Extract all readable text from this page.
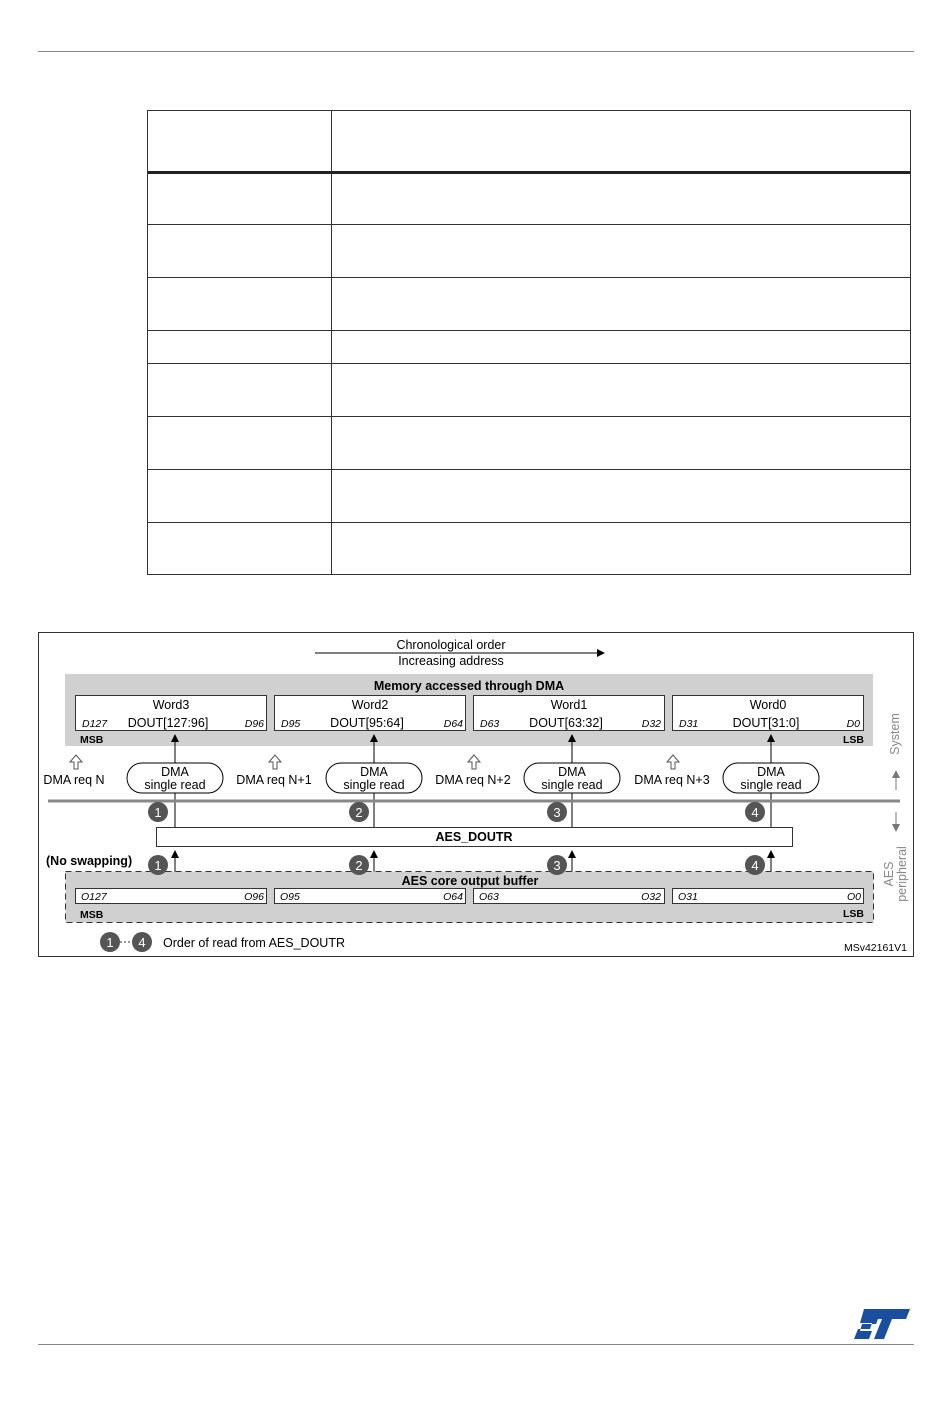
Chronological order
Increasing address
Memory accessed through DMA
Word3
DOUT[127:96]
D127	D96
Word2
DOUT[95:64]
D95	D64
Word1
DOUT[63:32]
D63	D32
Word0
DOUT[31:0]
D31	D0
MSB	LSB
DMA req N	DMA req N+1	DMA req N+2	DMA req N+3
DMA
single read
DMA
single read
DMA
single read
DMA
single read
AES_DOUTR
1	2	3	4
(No swapping)
AES core output buffer
O127	O96 O95	O64 O63	O32 O31	O0
MSB	LSB
1	2	3	4
System
AES peripheral
1 4 Order of read from AES_DOUTR	MSv42161V1
